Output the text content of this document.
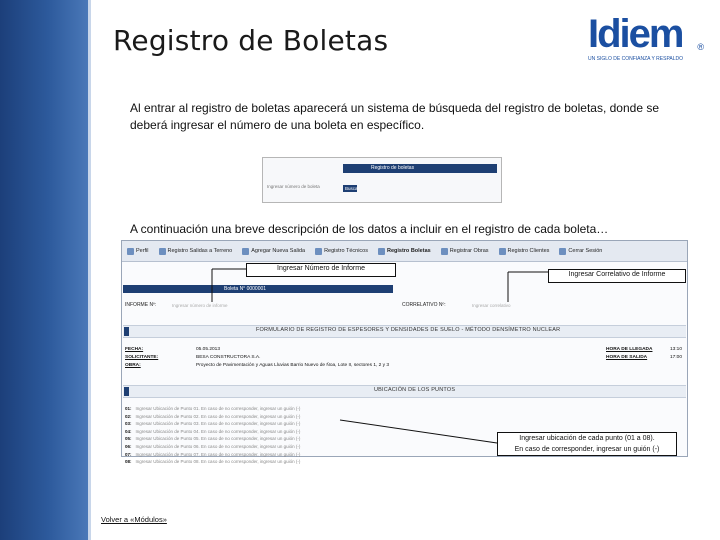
Registro de Boletas	Idiem	®
UN SIGLO DE CONFIANZA Y RESPALDO
Al entrar al registro de boletas aparecerá un sistema de búsqueda del registro de boletas, donde se deberá ingresar el número de una boleta en específico.
Registro de boletas
Ingresar número de boleta	Buscar
A continuación una breve descripción de los datos a incluir en el registro de cada boleta…
Perfil	Registro Salidas a Terreno	Agregar Nueva Salida	Registro Técnicos	Registro Boletas	Registrar Obras	Registro Clientes	Cerrar Sesión
Boleta N° 0000001
INFORME Nº:	Ingresar número de informe	CORRELATIVO Nº:	Ingresar correlativo
FORMULARIO DE REGISTRO DE ESPESORES Y DENSIDADES DE SUELO - MÉTODO DENSÍMETRO NUCLEAR
FECHA:	05.05.2013
SOLICITANTE:	BESA CONSTRUCTORA S.A.
OBRA:	Proyecto de Pavimentación y Aguas Lluvias Barrio Nuevo de Ñoa, Lote II, sectores 1, 2 y 3
HORA DE LLEGADA	13:10
HORA DE SALIDA	17:00
UBICACIÓN DE LOS PUNTOS
01: Ingresar Ubicación de Punto 01. En caso de no corresponder, ingresar un guión (-)
02: Ingresar Ubicación de Punto 02. En caso de no corresponder, ingresar un guión (-)
03: Ingresar Ubicación de Punto 03. En caso de no corresponder, ingresar un guión (-)
04: Ingresar Ubicación de Punto 04. En caso de no corresponder, ingresar un guión (-)
05: Ingresar Ubicación de Punto 05. En caso de no corresponder, ingresar un guión (-)
06: Ingresar Ubicación de Punto 06. En caso de no corresponder, ingresar un guión (-)
07: Ingresar Ubicación de Punto 07. En caso de no corresponder, ingresar un guión (-)
08: Ingresar Ubicación de Punto 08. En caso de no corresponder, ingresar un guión (-)
Ingresar Número de Informe
Ingresar Correlativo de Informe
Ingresar ubicación de cada punto (01 a 08).
En caso de corresponder, ingresar un guión (-)
Volver a «Módulos»
